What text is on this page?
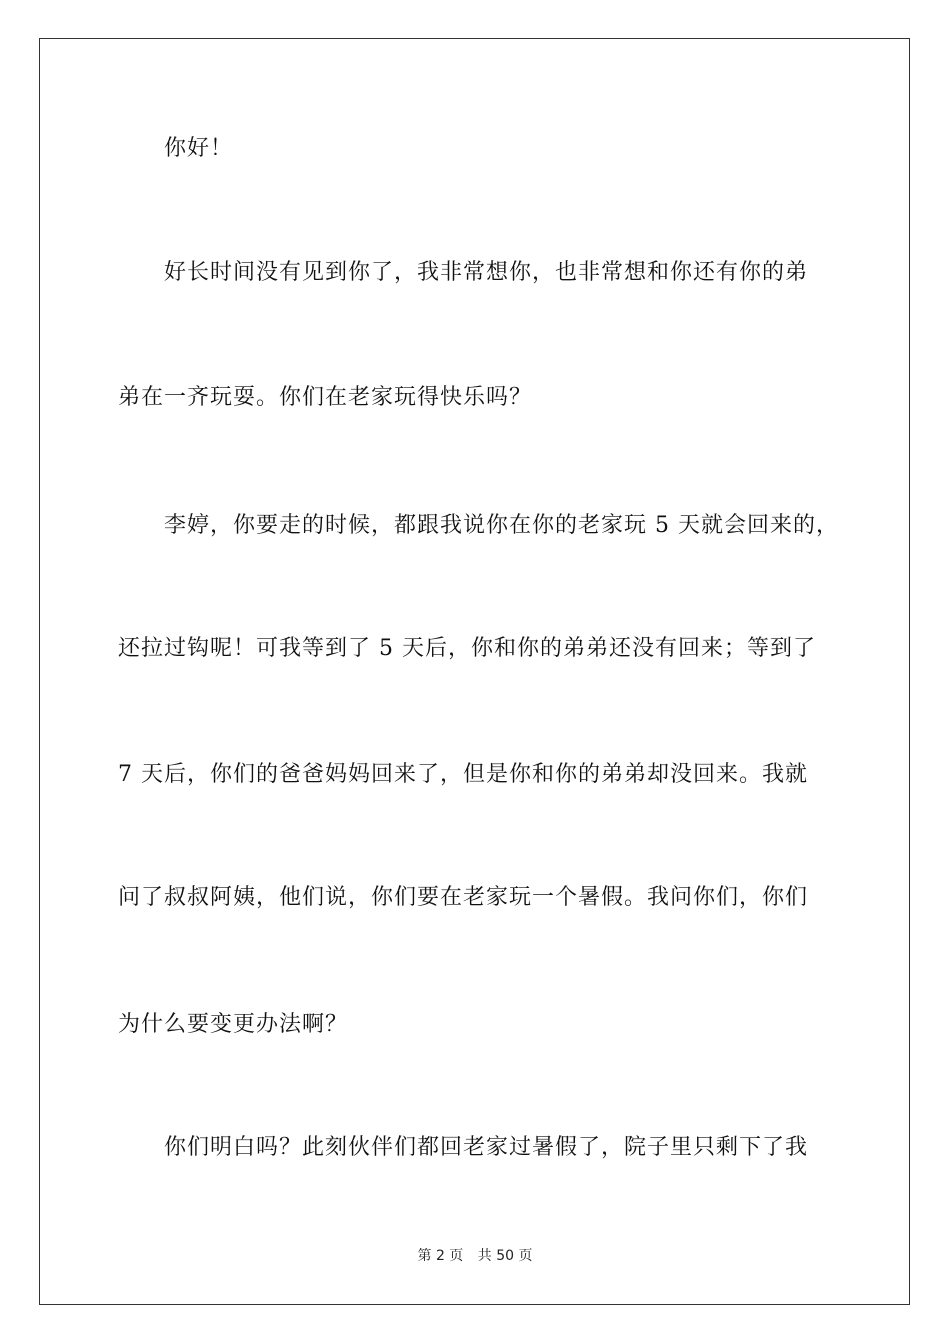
你好！
好长时间没有见到你了，我非常想你，也非常想和你还有你的弟
弟在一齐玩耍。你们在老家玩得快乐吗？
李婷，你要走的时候，都跟我说你在你的老家玩 5 天就会回来的，
还拉过钩呢！可我等到了 5 天后，你和你的弟弟还没有回来；等到了
7 天后，你们的爸爸妈妈回来了，但是你和你的弟弟却没回来。我就
问了叔叔阿姨，他们说，你们要在老家玩一个暑假。我问你们，你们
为什么要变更办法啊？
你们明白吗？此刻伙伴们都回老家过暑假了，院子里只剩下了我
第 2 页 共 50 页
